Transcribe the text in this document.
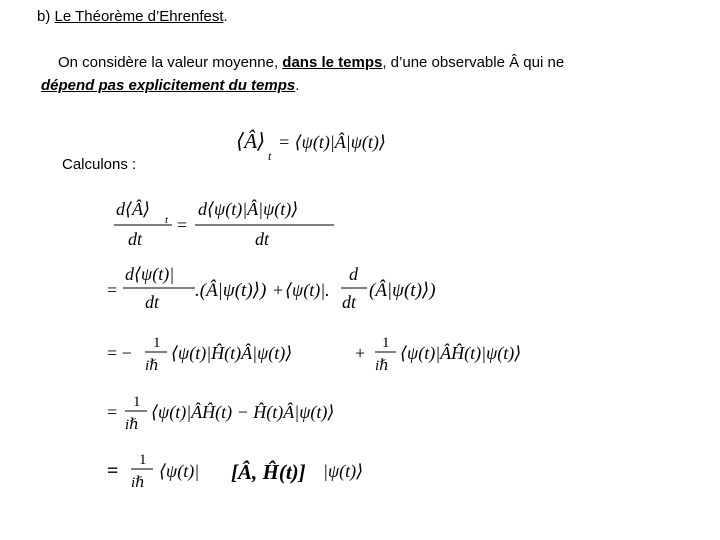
b) Le Théorème d’Ehrenfest.
On considère la valeur moyenne, dans le temps, d’une observable Â qui ne
dépend pas explicitement du temps.
⟨Â⟩
t
= ⟨ψ(t)|Â|ψ(t)⟩
Calculons :
d⟨Â⟩
t
dt
=
d⟨ψ(t)|Â|ψ(t)⟩
dt
=
d⟨ψ(t)|
dt
.(Â|ψ(t)⟩) + ⟨ψ(t)|.
d
dt
(Â|ψ(t)⟩)
= − 1
iℏ
⟨ψ(t)|Ĥ(t)Â|ψ(t)⟩	+ 1
iℏ
⟨ψ(t)|ÂĤ(t)|ψ(t)⟩
= 1
iℏ
⟨ψ(t)|ÂĤ(t) − Ĥ(t)Â|ψ(t)⟩
= 1
iℏ
⟨ψ(t)| [Â, Ĥ(t)] |ψ(t)⟩
